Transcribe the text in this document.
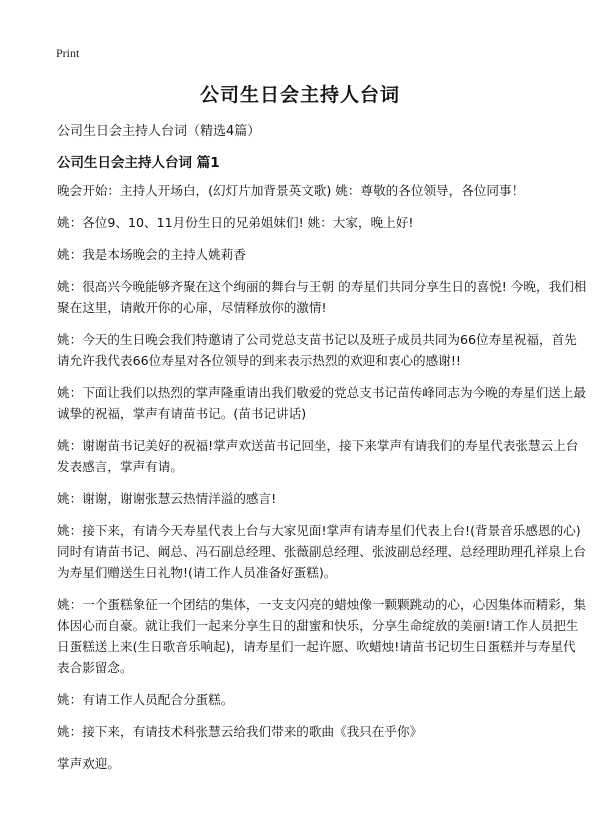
Print
公司生日会主持人台词
公司生日会主持人台词（精选4篇）
公司生日会主持人台词 篇1

晚会开始：主持人开场白，(幻灯片加背景英文歌) 姚：尊敬的各位领导，各位同事！

姚：各位9、10、11月份生日的兄弟姐妹们! 姚：大家，晚上好!

姚：我是本场晚会的主持人姚莉香

姚：很高兴今晚能够齐聚在这个绚丽的舞台与王朝 的寿星们共同分享生日的喜悦! 今晚，我们相聚在这里，请敞开你的心扉，尽情释放你的激情!

姚：今天的生日晚会我们特邀请了公司党总支苗书记以及班子成员共同为66位寿星祝福，首先请允许我代表66位寿星对各位领导的到来表示热烈的欢迎和衷心的感谢!!

姚：下面让我们以热烈的掌声隆重请出我们敬爱的党总支书记苗传峰同志为今晚的寿星们送上最诚挚的祝福，掌声有请苗书记。(苗书记讲话)

姚：谢谢苗书记美好的祝福!掌声欢送苗书记回坐，接下来掌声有请我们的寿星代表张慧云上台发表感言，掌声有请。

姚：谢谢，谢谢张慧云热情洋溢的感言!

姚：接下来，有请今天寿星代表上台与大家见面!掌声有请寿星们代表上台!(背景音乐感恩的心)同时有请苗书记、阚总、冯石副总经理、张薇副总经理、张波副总经理、总经理助理孔祥泉上台为寿星们赠送生日礼物!(请工作人员准备好蛋糕)。

姚：一个蛋糕象征一个团结的集体，一支支闪亮的蜡烛像一颗颗跳动的心，心因集体而精彩，集体因心而自豪。就让我们一起来分享生日的甜蜜和快乐，分享生命绽放的美丽!请工作人员把生日蛋糕送上来(生日歌音乐响起)，请寿星们一起许愿、吹蜡烛!请苗书记切生日蛋糕并与寿星代表合影留念。

姚：有请工作人员配合分蛋糕。

姚：接下来，有请技术科张慧云给我们带来的歌曲《我只在乎你》

掌声欢迎。
